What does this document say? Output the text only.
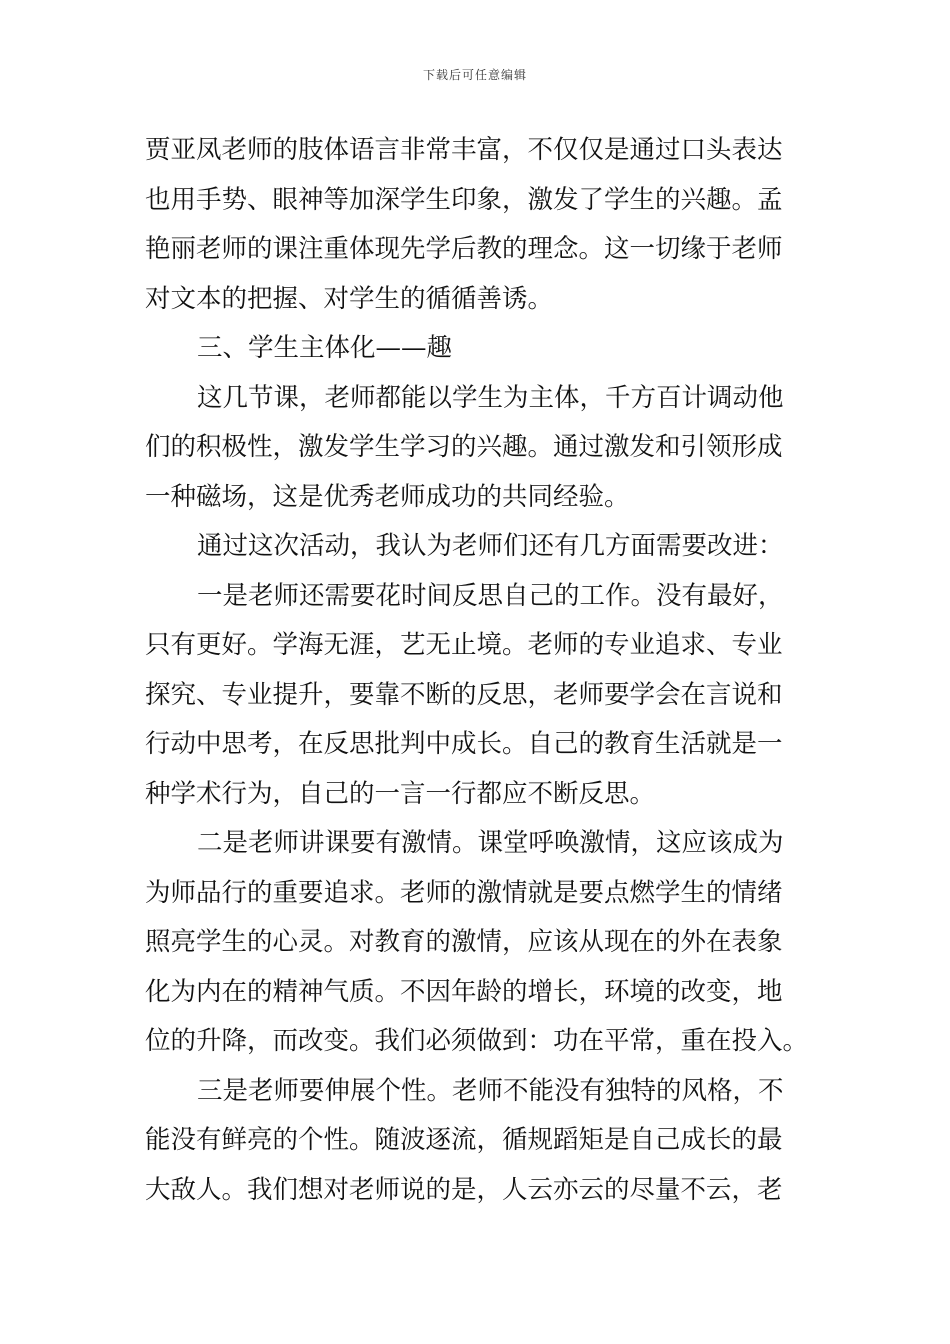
下载后可任意编辑
贾亚凤老师的肢体语言非常丰富，不仅仅是通过口头表达
也用手势、眼神等加深学生印象，激发了学生的兴趣。孟
艳丽老师的课注重体现先学后教的理念。这一切缘于老师
对文本的把握、对学生的循循善诱。
三、学生主体化——趣
这几节课，老师都能以学生为主体，千方百计调动他
们的积极性，激发学生学习的兴趣。通过激发和引领形成
一种磁场，这是优秀老师成功的共同经验。
通过这次活动，我认为老师们还有几方面需要改进：
一是老师还需要花时间反思自己的工作。没有最好，
只有更好。学海无涯，艺无止境。老师的专业追求、专业
探究、专业提升，要靠不断的反思，老师要学会在言说和
行动中思考，在反思批判中成长。自己的教育生活就是一
种学术行为，自己的一言一行都应不断反思。
二是老师讲课要有激情。课堂呼唤激情，这应该成为
为师品行的重要追求。老师的激情就是要点燃学生的情绪
照亮学生的心灵。对教育的激情，应该从现在的外在表象
化为内在的精神气质。不因年龄的增长，环境的改变，地
位的升降，而改变。我们必须做到：功在平常，重在投入。
三是老师要伸展个性。老师不能没有独特的风格，不
能没有鲜亮的个性。随波逐流，循规蹈矩是自己成长的最
大敌人。我们想对老师说的是，人云亦云的尽量不云，老
